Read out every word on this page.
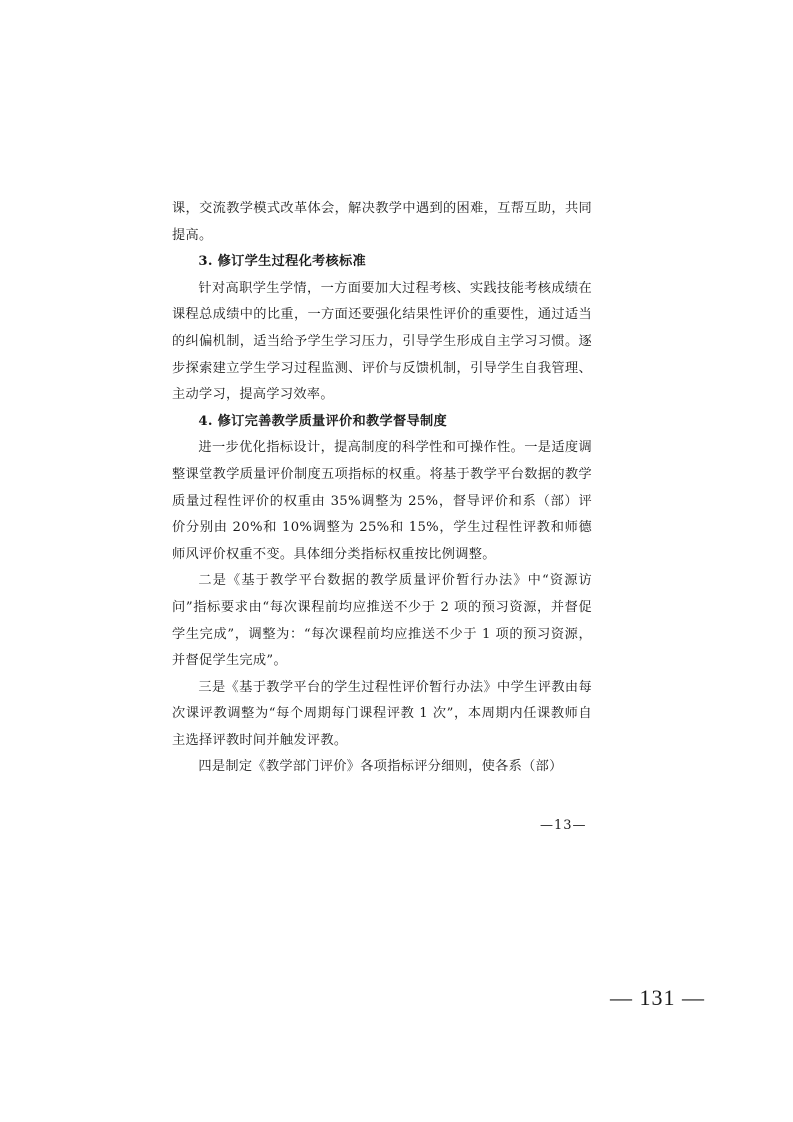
课，交流教学模式改革体会，解决教学中遇到的困难，互帮互助，共同提高。

3. 修订学生过程化考核标准

针对高职学生学情，一方面要加大过程考核、实践技能考核成绩在课程总成绩中的比重，一方面还要强化结果性评价的重要性，通过适当的纠偏机制，适当给予学生学习压力，引导学生形成自主学习习惯。逐步探索建立学生学习过程监测、评价与反馈机制，引导学生自我管理、主动学习，提高学习效率。

4. 修订完善教学质量评价和教学督导制度

进一步优化指标设计，提高制度的科学性和可操作性。一是适度调整课堂教学质量评价制度五项指标的权重。将基于教学平台数据的教学质量过程性评价的权重由 35%调整为 25%，督导评价和系（部）评价分别由 20%和 10%调整为 25%和 15%，学生过程性评教和师德师风评价权重不变。具体细分类指标权重按比例调整。

二是《基于教学平台数据的教学质量评价暂行办法》中“资源访问”指标要求由“每次课程前均应推送不少于 2 项的预习资源，并督促学生完成”，调整为：“每次课程前均应推送不少于 1 项的预习资源，并督促学生完成”。

三是《基于教学平台的学生过程性评价暂行办法》中学生评教由每次课评教调整为“每个周期每门课程评教 1 次”，本周期内任课教师自主选择评教时间并触发评教。

四是制定《教学部门评价》各项指标评分细则，使各系（部）

—13—
— 131 —
